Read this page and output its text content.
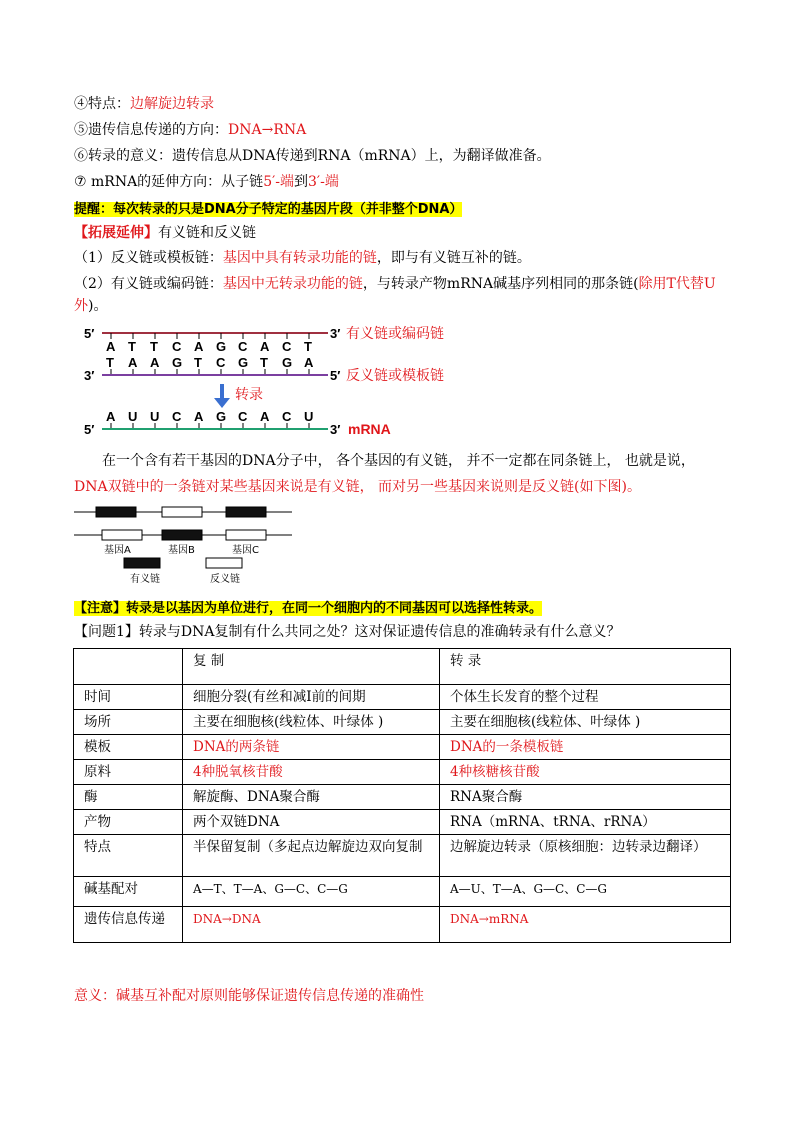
④特点：边解旋边转录
⑤遗传信息传递的方向：DNA→RNA
⑥转录的意义：遗传信息从DNA传递到RNA（mRNA）上，为翻译做准备。
⑦ mRNA的延伸方向：从子链5′-端到3′-端
提醒：每次转录的只是DNA分子特定的基因片段（并非整个DNA）
【拓展延伸】有义链和反义链
（1）反义链或模板链：基因中具有转录功能的链，即与有义链互补的链。
（2）有义链或编码链：基因中无转录功能的链，与转录产物mRNA碱基序列相同的那条链(除用T代替U
外)。
5′	3′
A T T C A G C A C T
T A A G T C G T G A
3′	5′
A U U C A G C A C U
5′	3′
有义链或编码链
反义链或模板链
转录
mRNA
在一个含有若干基因的DNA分子中， 各个基因的有义链， 并不一定都在同条链上， 也就是说，
DNA双链中的一条链对某些基因来说是有义链， 而对另一些基因来说则是反义链(如下图)。
基因A	基因B	基因C
有义链	反义链
【注意】转录是以基因为单位进行，在同一个细胞内的不同基因可以选择性转录。
【问题1】转录与DNA复制有什么共同之处？这对保证遗传信息的准确转录有什么意义？
	复 制	转 录
时间	细胞分裂(有丝和减Ⅰ前的间期	个体生长发育的整个过程
场所	主要在细胞核(线粒体、叶绿体 )	主要在细胞核(线粒体、叶绿体 )
模板	DNA的两条链	DNA的一条模板链
原料	4种脱氧核苷酸	4种核糖核苷酸
酶	解旋酶、DNA聚合酶	RNA聚合酶
产物	两个双链DNA	RNA（mRNA、tRNA、rRNA）
特点	半保留复制（多起点边解旋边双向复制	边解旋边转录（原核细胞：边转录边翻译）
碱基配对	A—T、T—A、G—C、C—G	A—U、T—A、G—C、C—G
遗传信息传递	DNA→DNA	DNA→mRNA
意义：碱基互补配对原则能够保证遗传信息传递的准确性
